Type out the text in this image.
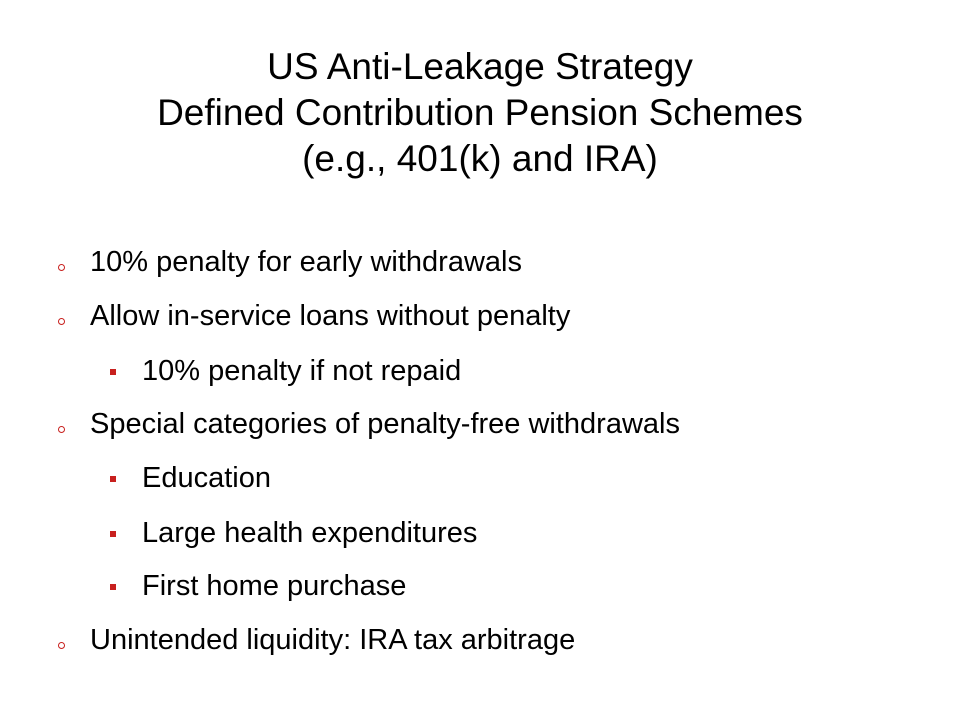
US Anti-Leakage Strategy
Defined Contribution Pension Schemes
(e.g., 401(k) and IRA)
10% penalty for early withdrawals
Allow in-service loans without penalty
10% penalty if not repaid
Special categories of penalty-free withdrawals
Education
Large health expenditures
First home purchase
Unintended liquidity: IRA tax arbitrage
